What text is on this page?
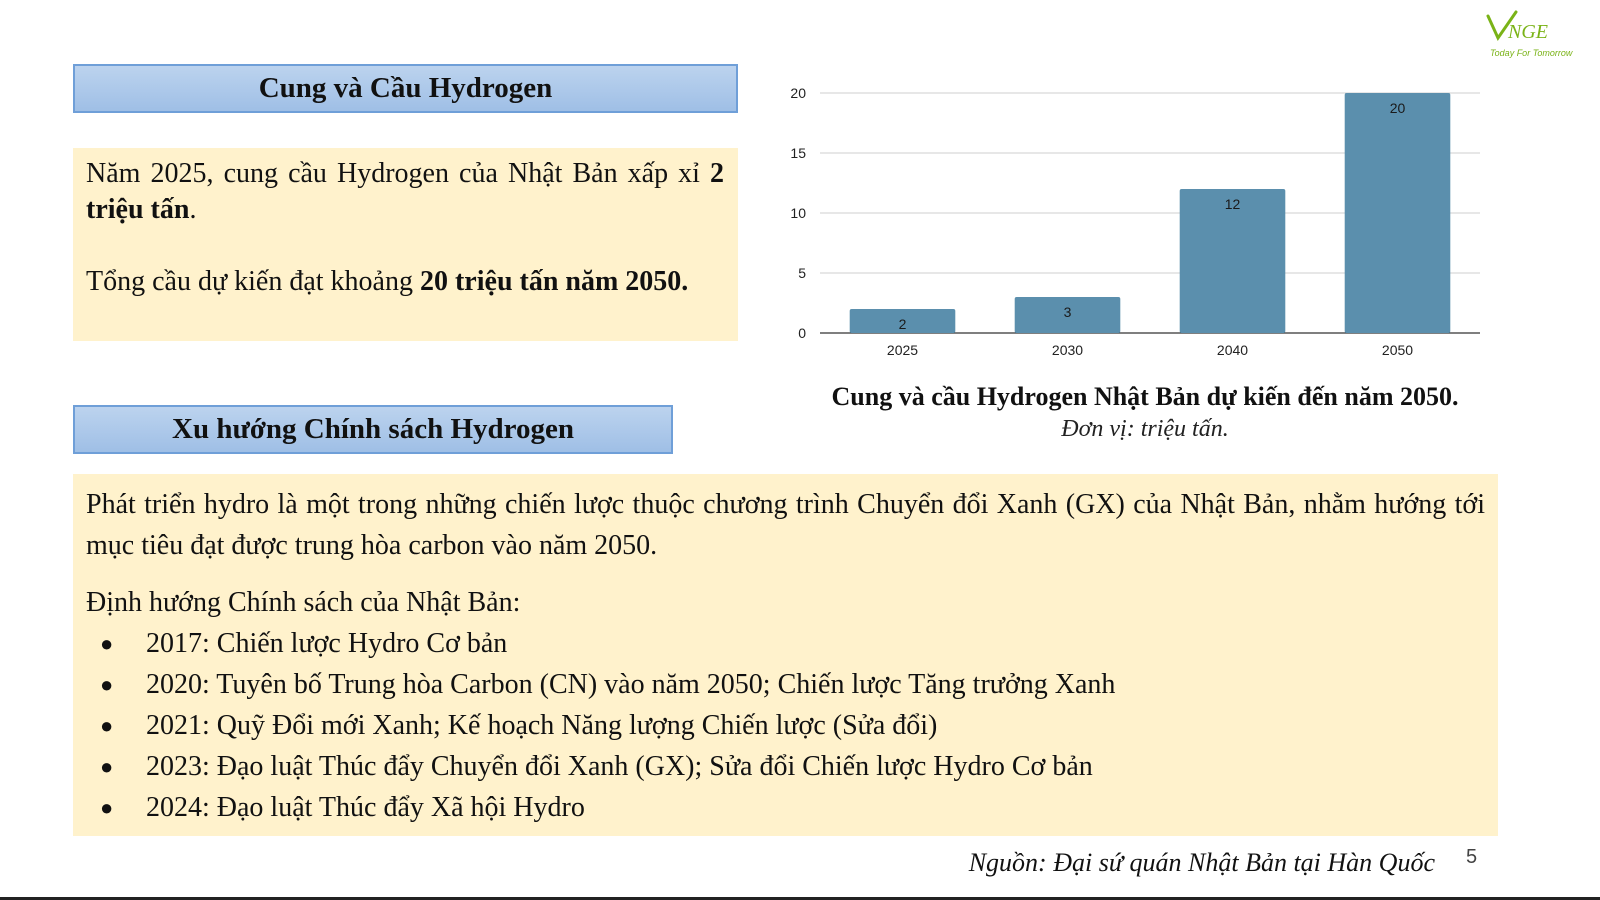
NGE
Today For Tomorrow
Cung và Cầu Hydrogen

Năm 2025, cung cầu Hydrogen của Nhật Bản xấp xỉ 2 triệu tấn.

Tổng cầu dự kiến đạt khoảng 20 triệu tấn năm 2050.

0
5
10
15
20
2
2025
3
2030
12
2040
20
2050
Cung và cầu Hydrogen Nhật Bản dự kiến đến năm 2050.
Đơn vị: triệu tấn.
Xu hướng Chính sách Hydrogen

Phát triển hydro là một trong những chiến lược thuộc chương trình Chuyển đổi Xanh (GX) của Nhật Bản, nhằm hướng tới mục tiêu đạt được trung hòa carbon vào năm 2050.

Định hướng Chính sách của Nhật Bản:

● 2017: Chiến lược Hydro Cơ bản
● 2020: Tuyên bố Trung hòa Carbon (CN) vào năm 2050; Chiến lược Tăng trưởng Xanh
● 2021: Quỹ Đổi mới Xanh; Kế hoạch Năng lượng Chiến lược (Sửa đổi)
● 2023: Đạo luật Thúc đẩy Chuyển đổi Xanh (GX); Sửa đổi Chiến lược Hydro Cơ bản
● 2024: Đạo luật Thúc đẩy Xã hội Hydro
Nguồn: Đại sứ quán Nhật Bản tại Hàn Quốc 5
